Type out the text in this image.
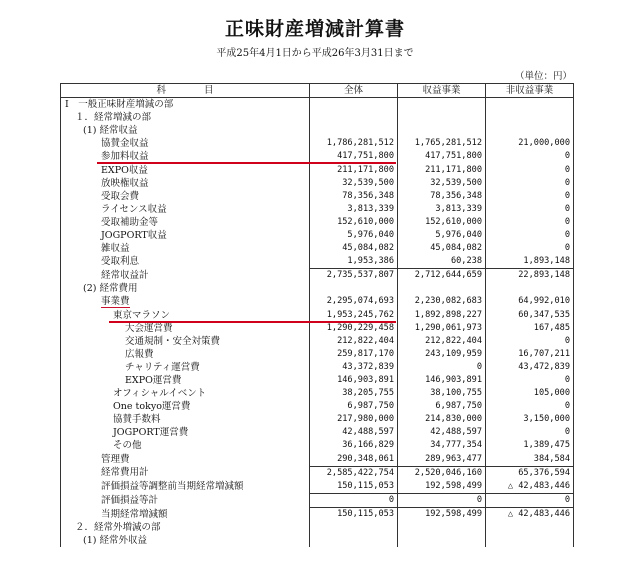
正味財産増減計算書
平成25年4月1日から平成26年3月31日まで
（単位：円）
科　　　　目	全体	収益事業	非収益事業
Ⅰ　一般正味財産増減の部			
１．経常増減の部			
(1) 経常収益			
協賛金収益	1,786,281,512	1,765,281,512	21,000,000
参加料収益	417,751,800	417,751,800	0
EXPO収益	211,171,800	211,171,800	0
放映権収益	32,539,500	32,539,500	0
受取会費	78,356,348	78,356,348	0
ライセンス収益	3,813,339	3,813,339	0
受取補助金等	152,610,000	152,610,000	0
JOGPORT収益	5,976,040	5,976,040	0
雑収益	45,084,082	45,084,082	0
受取利息	1,953,386	60,238	1,893,148
経常収益計	2,735,537,807	2,712,644,659	22,893,148
(2) 経常費用			
事業費	2,295,074,693	2,230,082,683	64,992,010
東京マラソン	1,953,245,762	1,892,898,227	60,347,535
大会運営費	1,290,229,458	1,290,061,973	167,485
交通規制・安全対策費	212,822,404	212,822,404	0
広報費	259,817,170	243,109,959	16,707,211
チャリティ運営費	43,372,839	0	43,472,839
EXPO運営費	146,903,891	146,903,891	0
オフィシャルイベント	38,205,755	38,100,755	105,000
One tokyo運営費	6,987,750	6,987,750	0
協賛手数料	217,980,000	214,830,000	3,150,000
JOGPORT運営費	42,488,597	42,488,597	0
その他	36,166,829	34,777,354	1,389,475
管理費	290,348,061	289,963,477	384,584
経常費用計	2,585,422,754	2,520,046,160	65,376,594
評価損益等調整前当期経常増減額	150,115,053	192,598,499	△ 42,483,446
評価損益等計	0	0	0
当期経常増減額	150,115,053	192,598,499	△ 42,483,446
２．経常外増減の部			
(1) 経常外収益			
